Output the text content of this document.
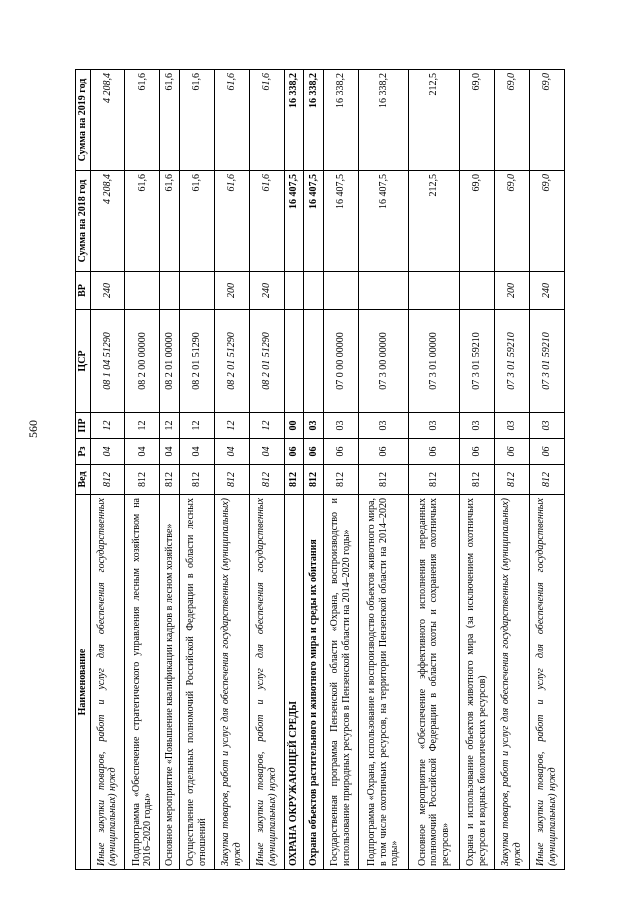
560
Наименование	Вед	Рз	ПР	ЦСР	ВР	Сумма на 2018 год	Сумма на 2019 год
Иные закупки товаров, работ и услуг для обеспечения государственных (муниципальных) нужд	812	04	12	08 1 04 51290	240	4 208,4	4 208,4
Подпрограмма «Обеспечение стратегического управления лесным хозяйством на 2016–2020 годы»	812	04	12	08 2 00 00000		61,6	61,6
Основное мероприятие «Повышение квалификации кадров в лесном хозяйстве»	812	04	12	08 2 01 00000		61,6	61,6
Осуществление отдельных полномочий Российской Федерации в области лесных отношений	812	04	12	08 2 01 51290		61,6	61,6
Закупка товаров, работ и услуг для обеспечения государственных (муниципальных) нужд	812	04	12	08 2 01 51290	200	61,6	61,6
Иные закупки товаров, работ и услуг для обеспечения государственных (муниципальных) нужд	812	04	12	08 2 01 51290	240	61,6	61,6
ОХРАНА ОКРУЖАЮЩЕЙ СРЕДЫ	812	06	00			16 407,5	16 338,2
Охрана объектов растительного и животного мира и среды их обитания	812	06	03			16 407,5	16 338,2
Государственная программа Пензенской области «Охрана, воспроизводство и использование природных ресурсов в Пензенской области на 2014–2020 годы»	812	06	03	07 0 00 00000		16 407,5	16 338,2
Подпрограмма «Охрана, использование и воспроизводство объектов животного мира, в том числе охотничьих ресурсов, на территории Пензенской области на 2014–2020 годы»	812	06	03	07 3 00 00000		16 407,5	16 338,2
Основное мероприятие «Обеспечение эффективного исполнения переданных полномочий Российской Федерации в области охоты и сохранения охотничьих ресурсов»	812	06	03	07 3 01 00000		212,5	212,5
Охрана и использование объектов животного мира (за исключением охотничьих ресурсов и водных биологических ресурсов)	812	06	03	07 3 01 59210		69,0	69,0
Закупка товаров, работ и услуг для обеспечения государственных (муниципальных) нужд	812	06	03	07 3 01 59210	200	69,0	69,0
Иные закупки товаров, работ и услуг для обеспечения государственных (муниципальных) нужд	812	06	03	07 3 01 59210	240	69,0	69,0
